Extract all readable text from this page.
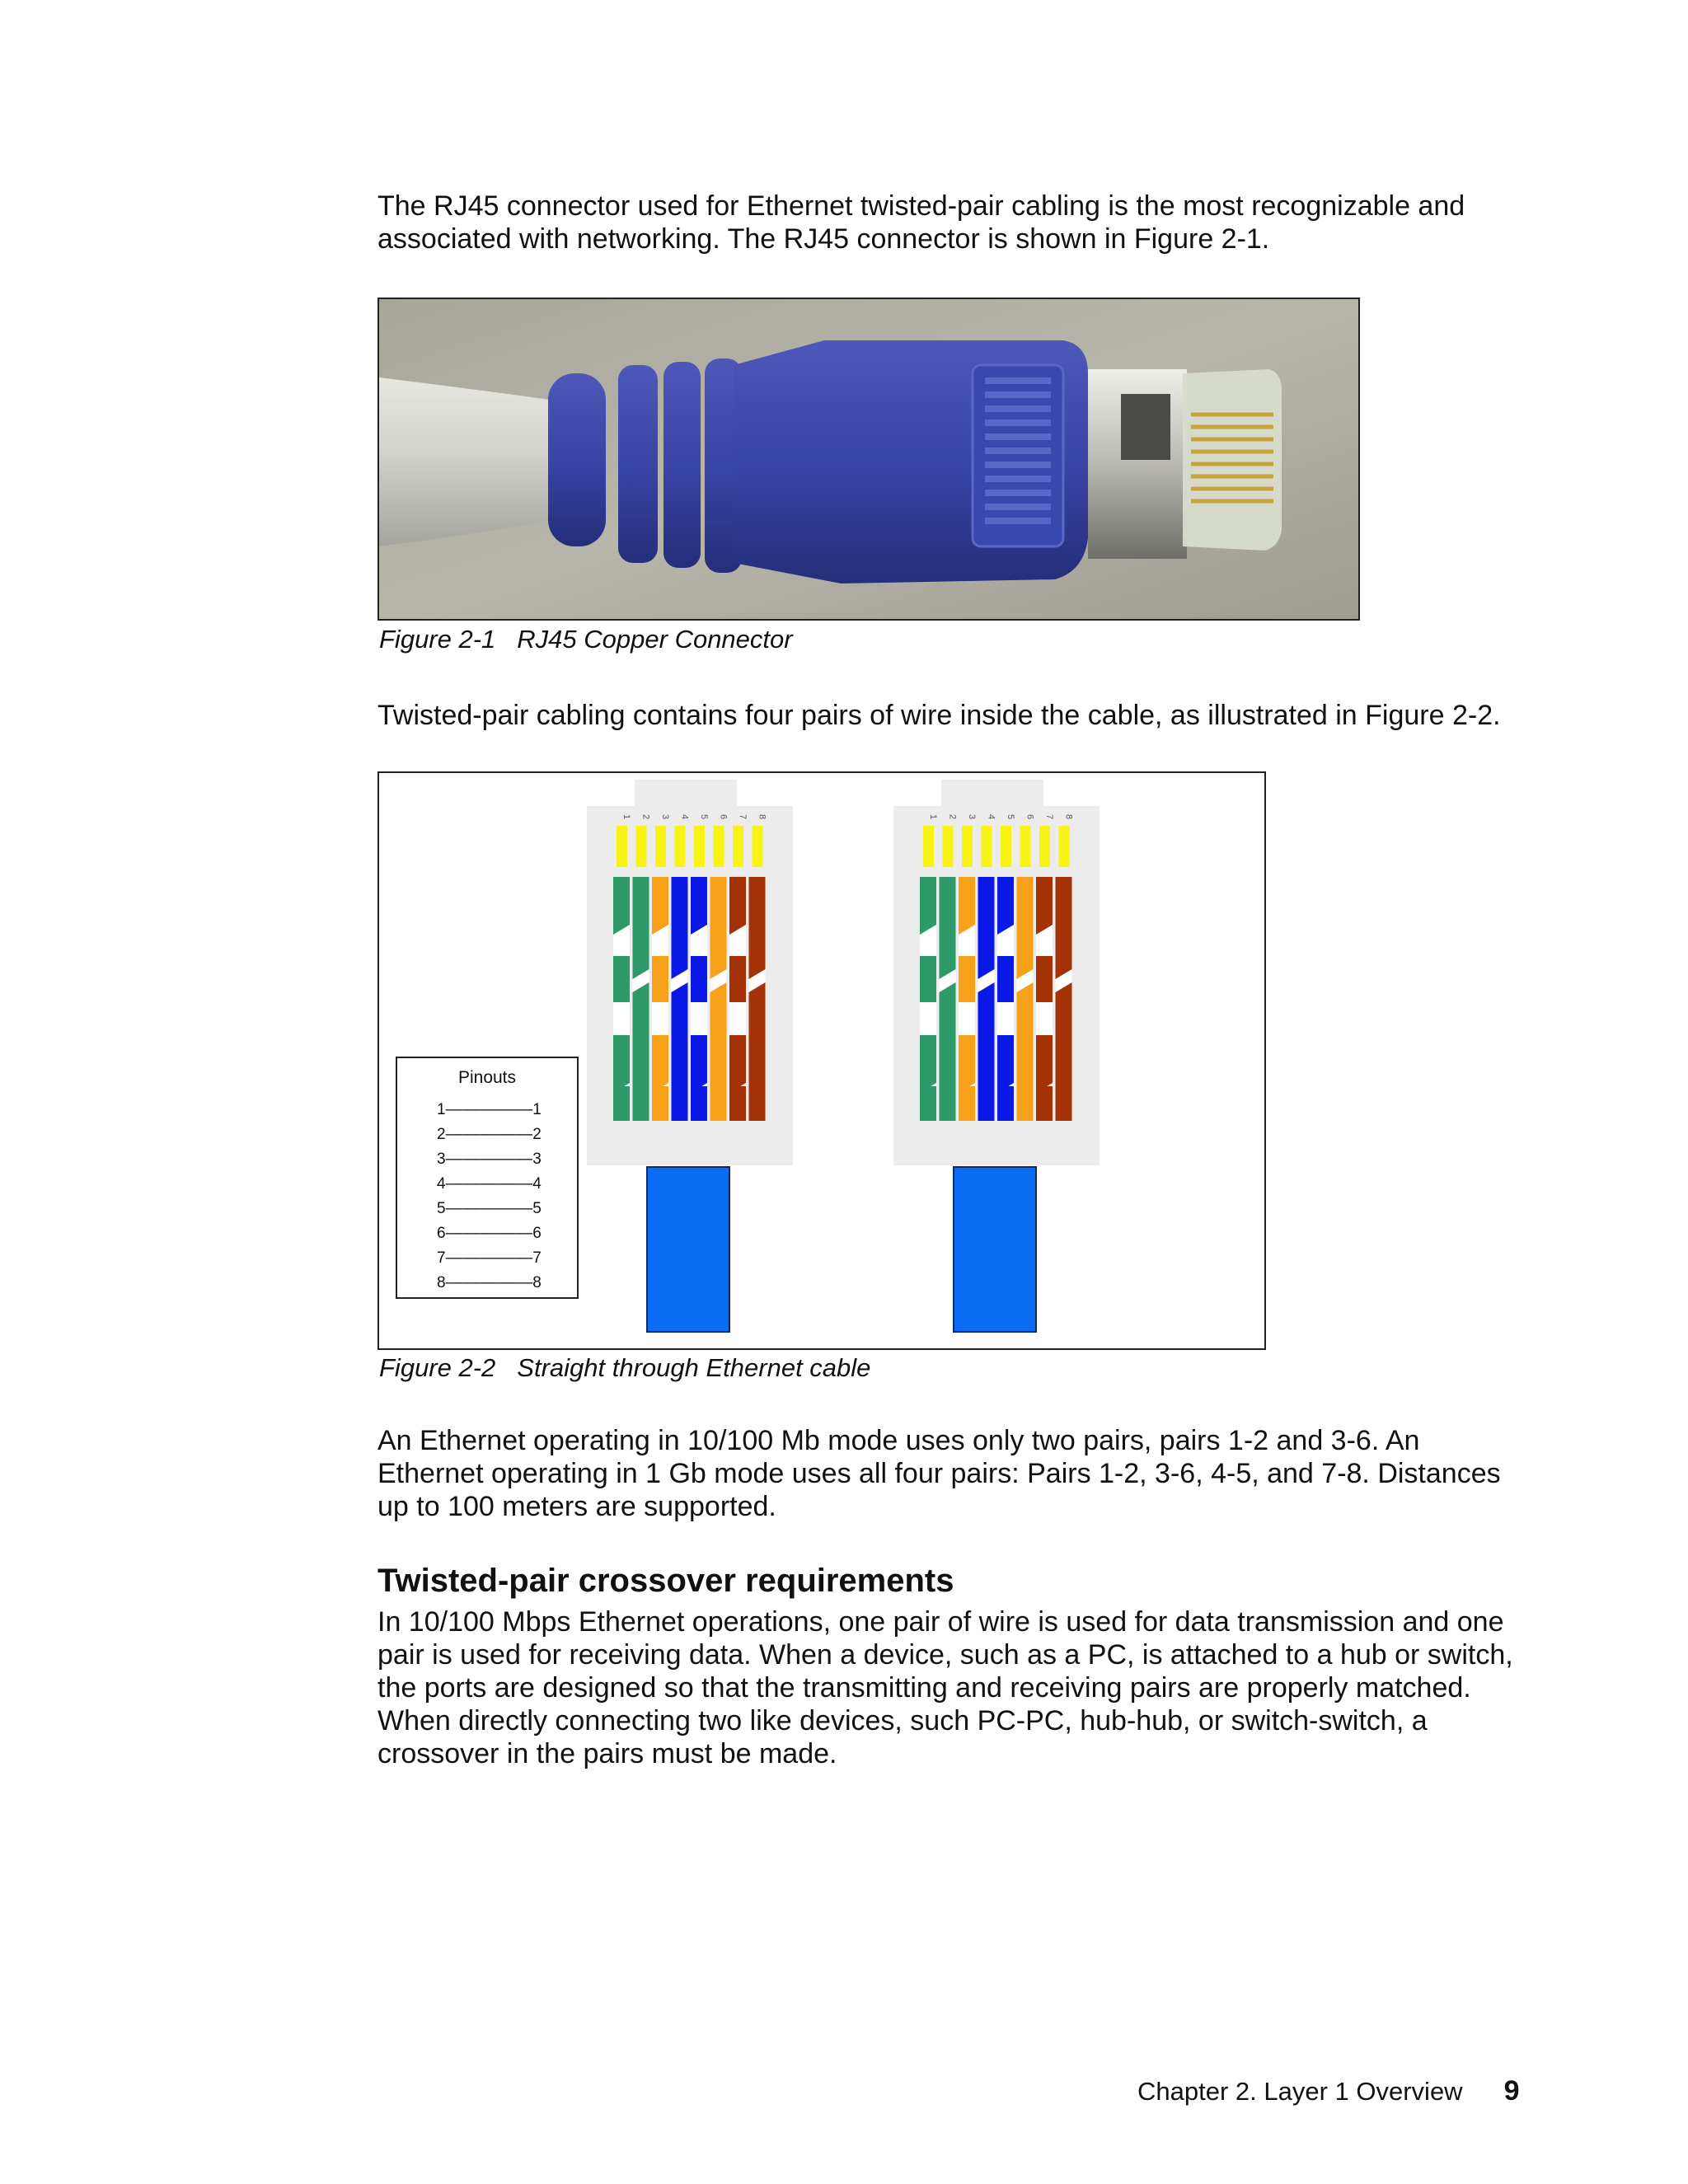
The RJ45 connector used for Ethernet twisted-pair cabling is the most recognizable and associated with networking. The RJ45 connector is shown in Figure 2-1.

Figure 2-1 RJ45 Copper Connector

Twisted-pair cabling contains four pairs of wire inside the cable, as illustrated in Figure 2-2.

1 2 3 4 5 6 7 8	1 2 3 4 5 6 7 8
Pinouts
1––––––––––1
2––––––––––2
3––––––––––3
4––––––––––4
5––––––––––5
6––––––––––6
7––––––––––7
8––––––––––8

Figure 2-2 Straight through Ethernet cable

An Ethernet operating in 10/100 Mb mode uses only two pairs, pairs 1-2 and 3-6. An Ethernet operating in 1 Gb mode uses all four pairs: Pairs 1-2, 3-6, 4-5, and 7-8. Distances up to 100 meters are supported.

Twisted-pair crossover requirements

In 10/100 Mbps Ethernet operations, one pair of wire is used for data transmission and one pair is used for receiving data. When a device, such as a PC, is attached to a hub or switch, the ports are designed so that the transmitting and receiving pairs are properly matched. When directly connecting two like devices, such PC-PC, hub-hub, or switch-switch, a crossover in the pairs must be made.

Chapter 2. Layer 1 Overview 9
